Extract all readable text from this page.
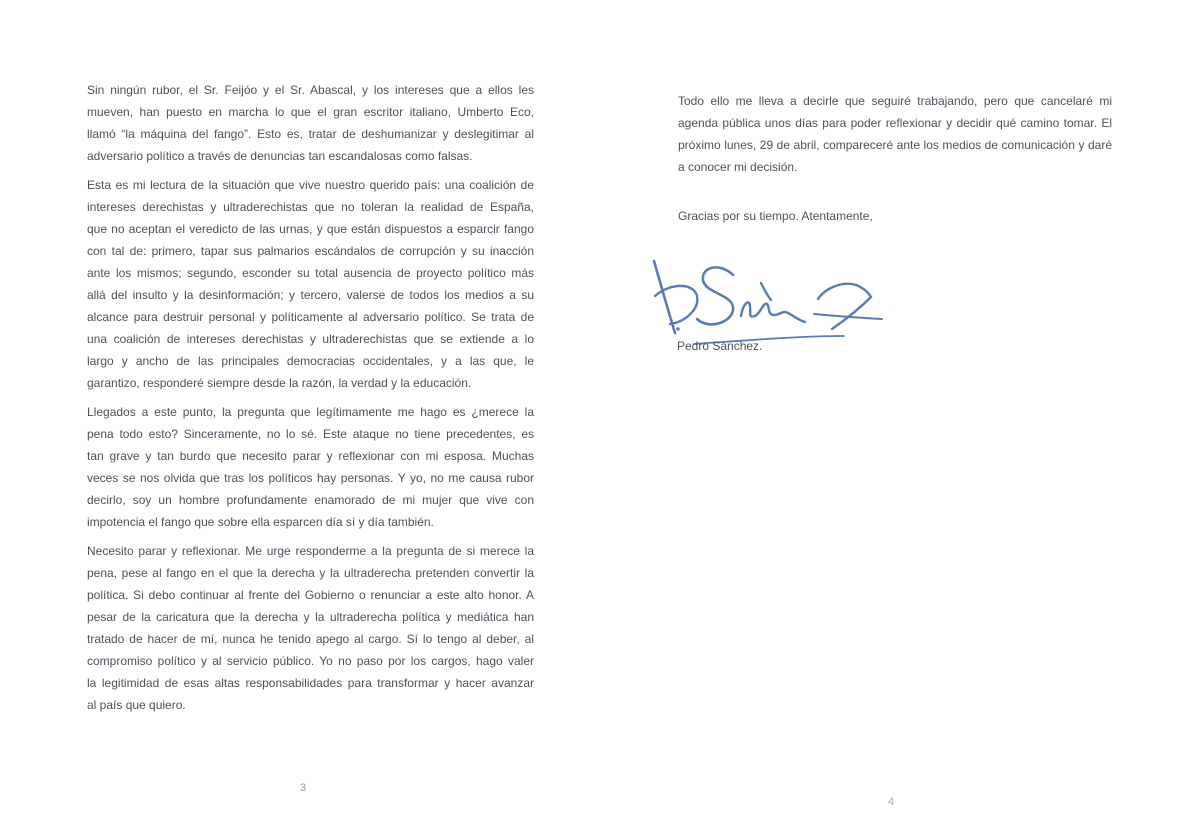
Sin ningún rubor, el Sr. Feijóo y el Sr. Abascal, y los intereses que a ellos les
mueven, han puesto en marcha lo que el gran escritor italiano, Umberto Eco,
llamó “la máquina del fango”. Esto es, tratar de deshumanizar y deslegitimar al
adversario político a través de denuncias tan escandalosas como falsas.
Esta es mi lectura de la situación que vive nuestro querido país: una coalición de
intereses derechistas y ultraderechistas que no toleran la realidad de España,
que no aceptan el veredicto de las urnas, y que están dispuestos a esparcir fango
con tal de: primero, tapar sus palmarios escándalos de corrupción y su inacción
ante los mismos; segundo, esconder su total ausencia de proyecto político más
allá del insulto y la desinformación; y tercero, valerse de todos los medios a su
alcance para destruir personal y políticamente al adversario político. Se trata de
una coalición de intereses derechistas y ultraderechistas que se extiende a lo
largo y ancho de las principales democracias occidentales, y a las que, le
garantizo, responderé siempre desde la razón, la verdad y la educación.
Llegados a este punto, la pregunta que legítimamente me hago es ¿merece la
pena todo esto? Sinceramente, no lo sé. Este ataque no tiene precedentes, es
tan grave y tan burdo que necesito parar y reflexionar con mi esposa. Muchas
veces se nos olvida que tras los políticos hay personas. Y yo, no me causa rubor
decirlo, soy un hombre profundamente enamorado de mi mujer que vive con
impotencia el fango que sobre ella esparcen día sí y día también.
Necesito parar y reflexionar. Me urge responderme a la pregunta de si merece la
pena, pese al fango en el que la derecha y la ultraderecha pretenden convertir la
política. Si debo continuar al frente del Gobierno o renunciar a este alto honor. A
pesar de la caricatura que la derecha y la ultraderecha política y mediática han
tratado de hacer de mí, nunca he tenido apego al cargo. Sí lo tengo al deber, al
compromiso político y al servicio público. Yo no paso por los cargos, hago valer
la legitimidad de esas altas responsabilidades para transformar y hacer avanzar
al país que quiero.
Todo ello me lleva a decirle que seguiré trabajando, pero que cancelaré mi
agenda pública unos días para poder reflexionar y decidir qué camino tomar. El
próximo lunes, 29 de abril, compareceré ante los medios de comunicación y daré
a conocer mi decisión.
Gracias por su tiempo. Atentamente,
Pedro Sánchez.
3
4
